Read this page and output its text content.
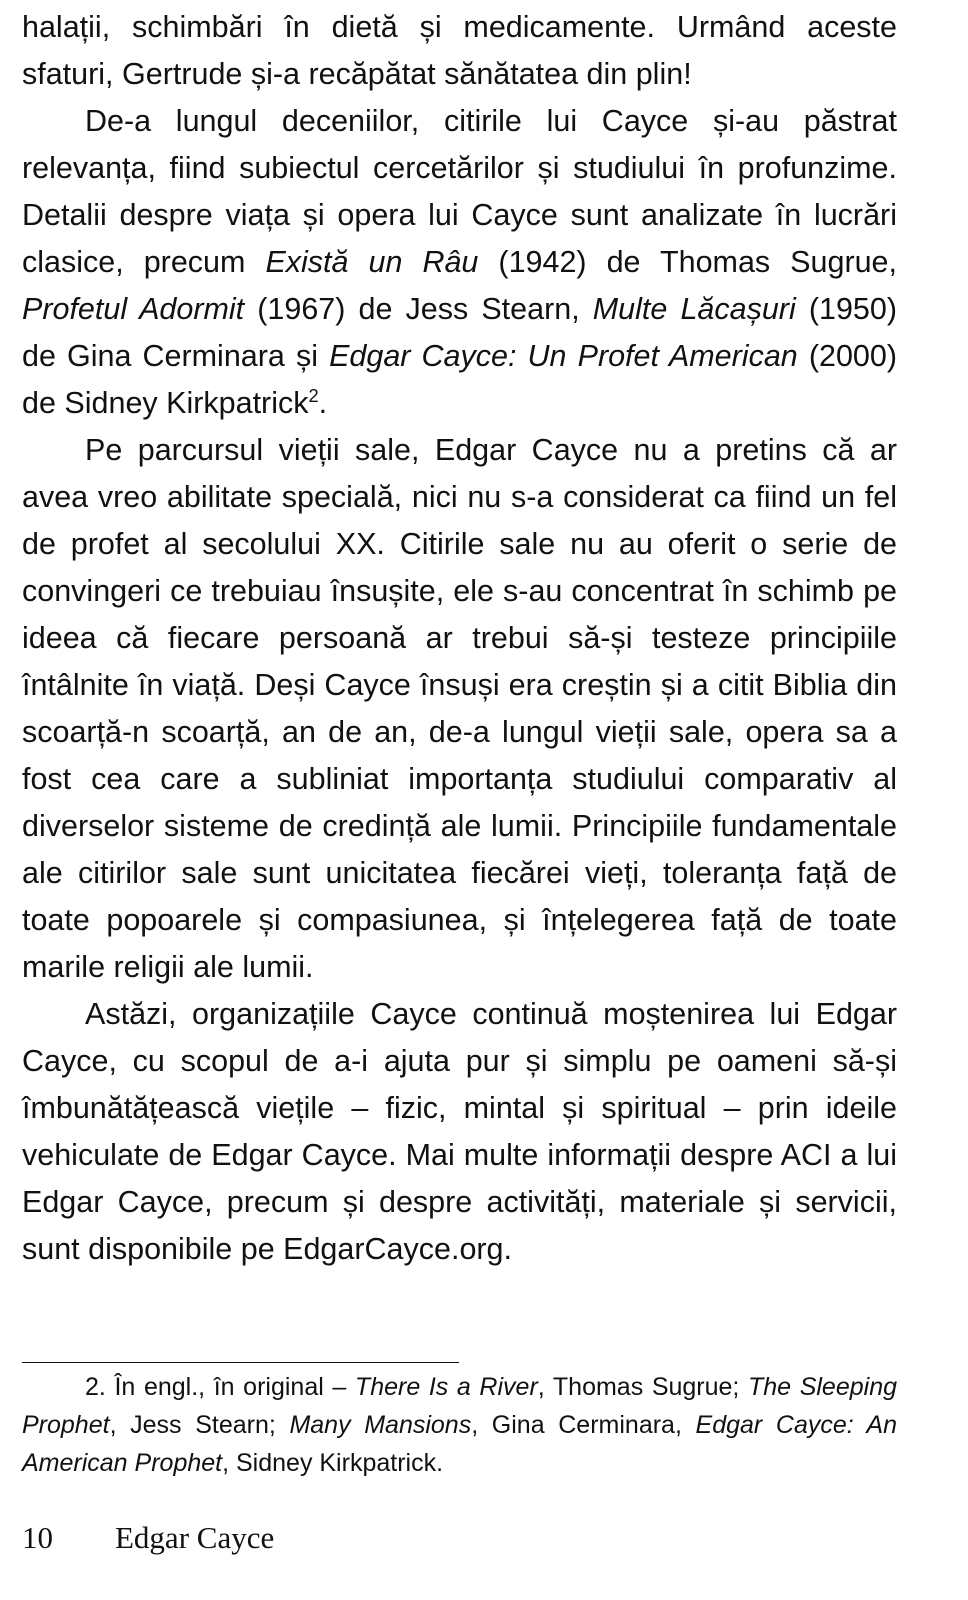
halații, schimbări în dietă și medicamente. Urmând aceste sfaturi, Gertrude și-a recăpătat sănătatea din plin!

De-a lungul deceniilor, citirile lui Cayce și-au păstrat relevanța, fiind subiectul cercetărilor și studiului în profunzime. Detalii despre viața și opera lui Cayce sunt analizate în lucrări clasice, precum Există un Râu (1942) de Thomas Sugrue, Profetul Adormit (1967) de Jess Stearn, Multe Lăcașuri (1950) de Gina Cerminara și Edgar Cayce: Un Profet American (2000) de Sidney Kirkpatrick$^2$.

Pe parcursul vieții sale, Edgar Cayce nu a pretins că ar avea vreo abilitate specială, nici nu s-a considerat ca fiind un fel de profet al secolului XX. Citirile sale nu au oferit o serie de convingeri ce trebuiau însușite, ele s-au concentrat în schimb pe ideea că fiecare persoană ar trebui să-și testeze principiile întâlnite în viață. Deși Cayce însuși era creștin și a citit Biblia din scoarță-n scoarță, an de an, de-a lungul vieții sale, opera sa a fost cea care a subliniat importanța studiului comparativ al diverselor sisteme de credință ale lumii. Principiile fundamentale ale citirilor sale sunt unicitatea fiecărei vieți, toleranța față de toate popoarele și compasiunea, și înțelegerea față de toate marile religii ale lumii.

Astăzi, organizațiile Cayce continuă moștenirea lui Edgar Cayce, cu scopul de a-i ajuta pur și simplu pe oameni să-și îmbunătățească viețile – fizic, mintal și spiritual – prin ideile vehiculate de Edgar Cayce. Mai multe informații despre ACI a lui Edgar Cayce, precum și despre activități, materiale și servicii, sunt disponibile pe EdgarCayce.org.

2. În engl., în original – There Is a River, Thomas Sugrue; The Sleeping Prophet, Jess Stearn; Many Mansions, Gina Cerminara, Edgar Cayce: An American Prophet, Sidney Kirkpatrick.

10 Edgar Cayce
